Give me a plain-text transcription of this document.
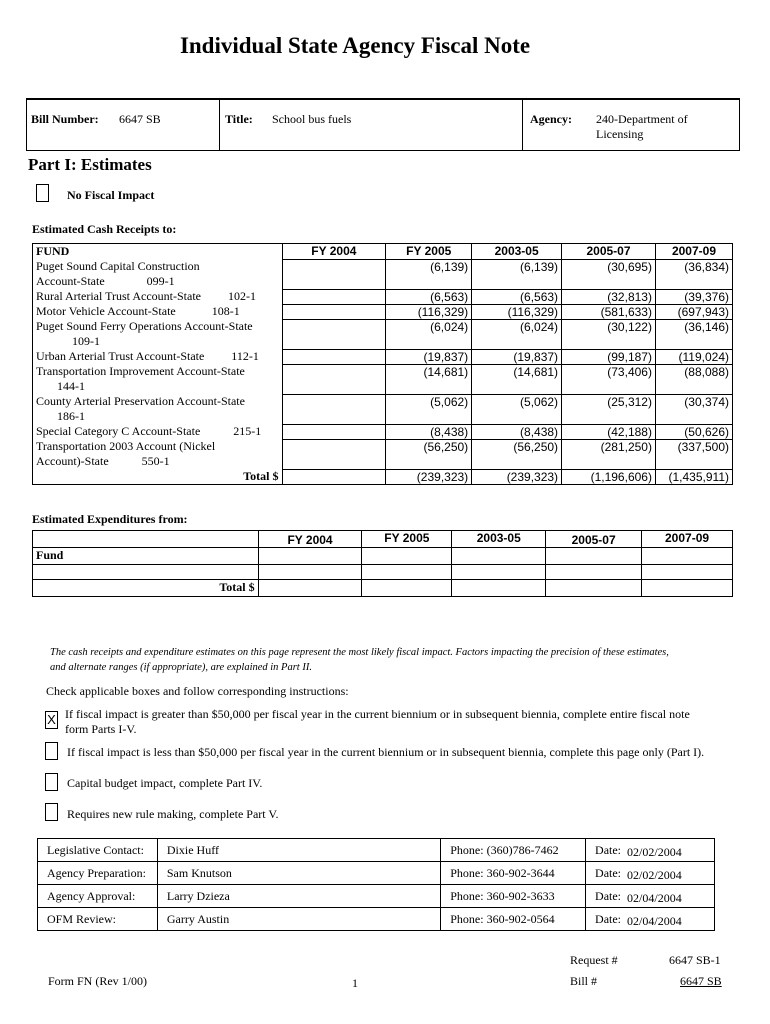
Individual State Agency Fiscal Note
Bill Number: 6647 SB	Title: School bus fuels	Agency: 240-Department of
Licensing
Part I: Estimates
No Fiscal Impact
Estimated Cash Receipts to:
FUND	FY 2004	FY 2005	2003-05	2005-07	2007-09

Puget Sound Capital Construction
Account-State              099-1		(6,139)	(6,139)	(30,695)	(36,834)

Rural Arterial Trust Account-State         102-1		(6,563)	(6,563)	(32,813)	(39,376)

Motor Vehicle Account-State            108-1		(116,329)	(116,329)	(581,633)	(697,943)

Puget Sound Ferry Operations Account-State
109-1		(6,024)	(6,024)	(30,122)	(36,146)

Urban Arterial Trust Account-State         112-1		(19,837)	(19,837)	(99,187)	(119,024)

Transportation Improvement Account-State
144-1		(14,681)	(14,681)	(73,406)	(88,088)

County Arterial Preservation Account-State
186-1		(5,062)	(5,062)	(25,312)	(30,374)

Special Category C Account-State           215-1		(8,438)	(8,438)	(42,188)	(50,626)

Transportation 2003 Account (Nickel
Account)-State           550-1		(56,250)	(56,250)	(281,250)	(337,500)
Total $		(239,323)	(239,323)	(1,196,606)	(1,435,911)
Estimated Expenditures from:
	FY 2004	FY 2005	2003-05	2005-07	2007-09
Fund					

Total $					
The cash receipts and expenditure estimates on this page represent the most likely fiscal impact. Factors impacting the precision of these estimates,
and alternate ranges (if appropriate), are explained in Part II.
Check applicable boxes and follow corresponding instructions:
X If fiscal impact is greater than $50,000 per fiscal year in the current biennium or in subsequent biennia, complete entire fiscal note
form Parts I-V.
If fiscal impact is less than $50,000 per fiscal year in the current biennium or in subsequent biennia, complete this page only (Part I).
Capital budget impact, complete Part IV.
Requires new rule making, complete Part V.
Legislative Contact:	Dixie Huff	Phone: (360)786-7462	Date: 02/02/2004
Agency Preparation:	Sam Knutson	Phone: 360-902-3644	Date: 02/02/2004
Agency Approval:	Larry Dzieza	Phone: 360-902-3633	Date: 02/04/2004
OFM Review:	Garry Austin	Phone: 360-902-0564	Date: 02/04/2004
Request #	6647 SB-1
Form FN (Rev 1/00)	1	Bill #	6647 SB
